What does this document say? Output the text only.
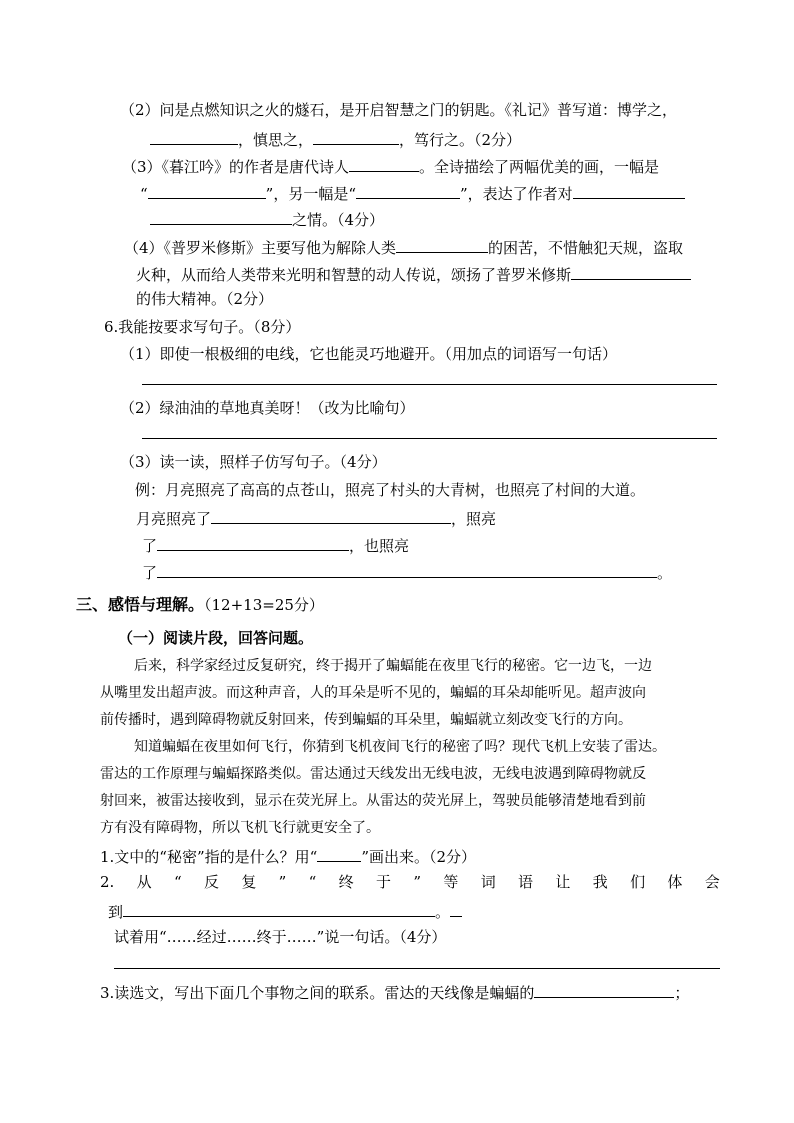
（2）问是点燃知识之火的燧石，是开启智慧之门的钥匙。《礼记》普写道：博学之，
，慎思之，	，笃行之。（2分）
（3）《暮江吟》的作者是唐代诗人	。全诗描绘了两幅优美的画，一幅是
“	”，另一幅是“	”，表达了作者对
之情。（4分）
（4）《普罗米修斯》主要写他为解除人类	的困苦，不惜触犯天规，盗取
火种，从而给人类带来光明和智慧的动人传说，颂扬了普罗米修斯
的伟大精神。（2分）
6.我能按要求写句子。（8分）
（1）即使一根极细的电线，它也能灵巧地避开。（用加点的词语写一句话）
（2）绿油油的草地真美呀！（改为比喻句）
（3）读一读，照样子仿写句子。（4分）
例：月亮照亮了高高的点苍山，照亮了村头的大青树，也照亮了村间的大道。
月亮照亮了	，照亮
了	，也照亮
了	。
三、感悟与理解。（12+13=25分）
（一）阅读片段，回答问题。
后来，科学家经过反复研究，终于揭开了蝙蝠能在夜里飞行的秘密。它一边飞，一边
从嘴里发出超声波。而这种声音，人的耳朵是听不见的，蝙蝠的耳朵却能听见。超声波向
前传播时，遇到障碍物就反射回来，传到蝙蝠的耳朵里，蝙蝠就立刻改变飞行的方向。
知道蝙蝠在夜里如何飞行，你猜到飞机夜间飞行的秘密了吗？现代飞机上安装了雷达。
雷达的工作原理与蝙蝠探路类似。雷达通过天线发出无线电波，无线电波遇到障碍物就反
射回来，被雷达接收到，显示在荧光屏上。从雷达的荧光屏上，驾驶员能够清楚地看到前
方有没有障碍物，所以飞机飞行就更安全了。
1.文中的“秘密”指的是什么？用“	”画出来。（2分）
2. 从 “ 反 复 ” “ 终 于 ” 等 词 语 让 我 们 体 会
到	。
试着用“……经过……终于……”说一句话。（4分）
3.读选文，写出下面几个事物之间的联系。雷达的天线像是蝙蝠的	；
